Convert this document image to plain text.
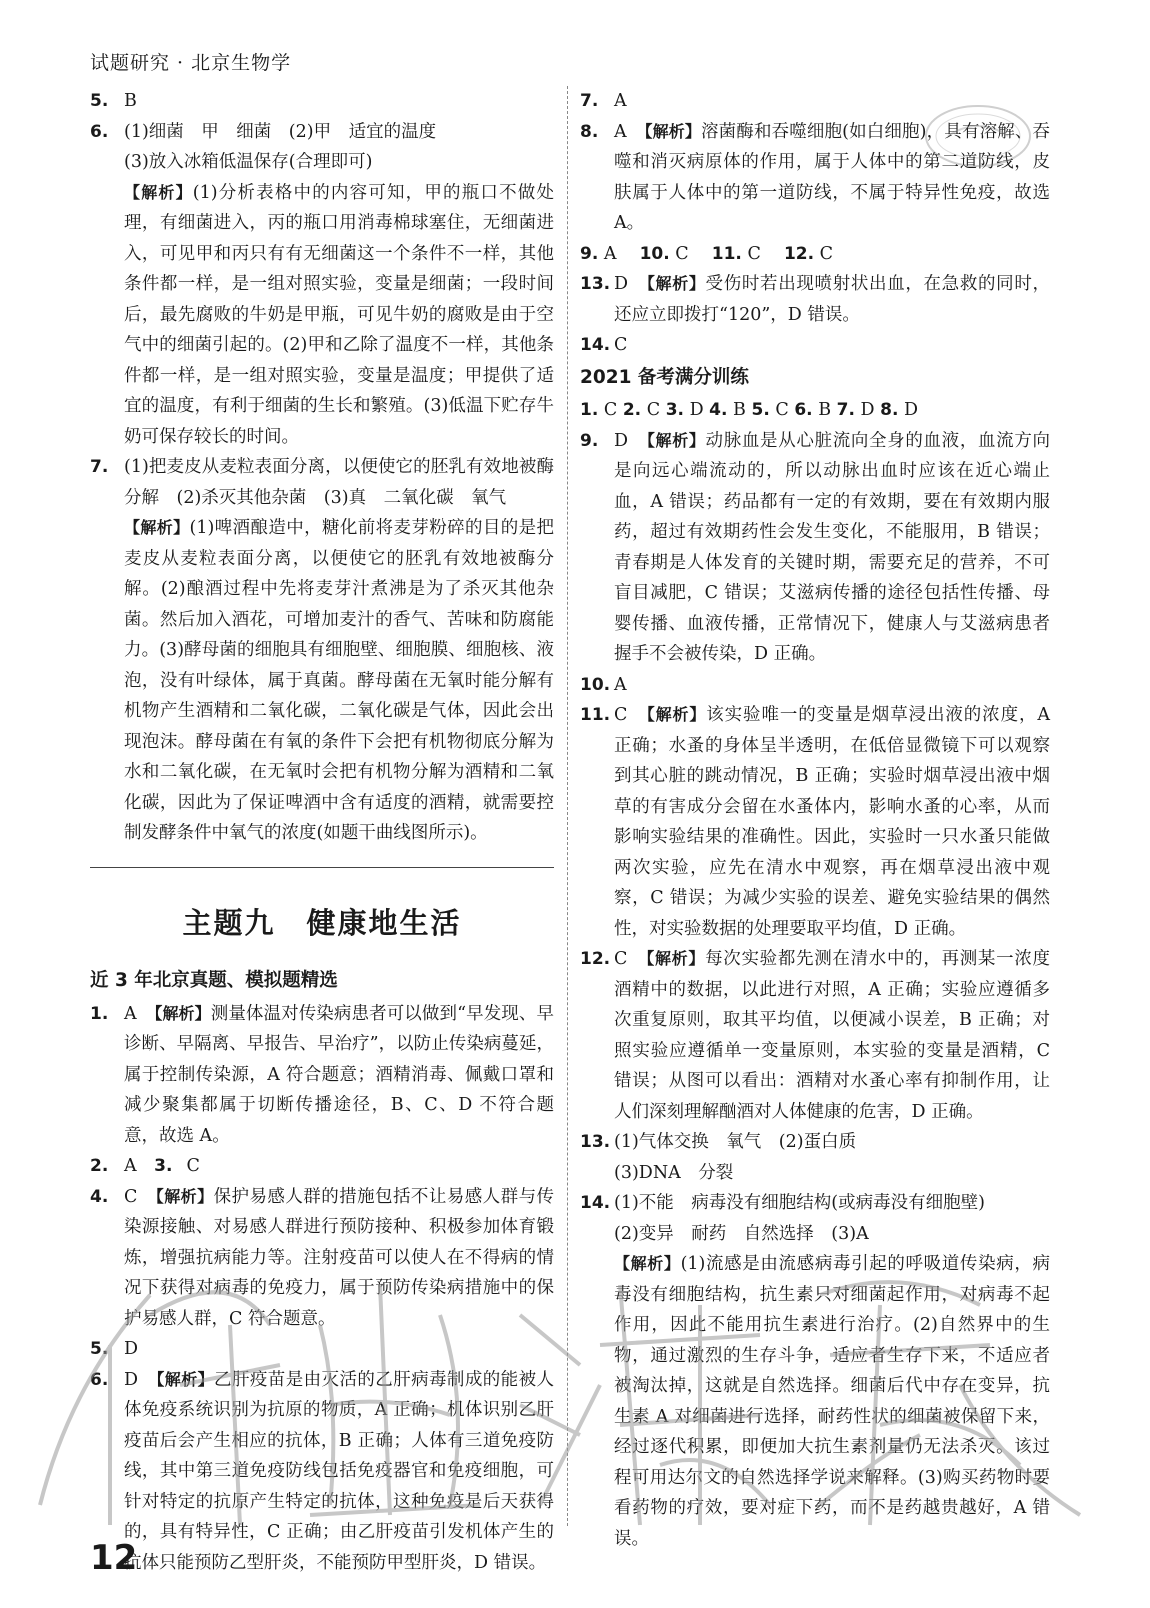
试题研究 · 北京生物学
5. B
6. (1)细菌　甲　细菌　(2)甲　适宜的温度
(3)放入冰箱低温保存(合理即可)
【解析】(1)分析表格中的内容可知，甲的瓶口不做处理，有细菌进入，丙的瓶口用消毒棉球塞住，无细菌进入，可见甲和丙只有有无细菌这一个条件不一样，其他条件都一样，是一组对照实验，变量是细菌；一段时间后，最先腐败的牛奶是甲瓶，可见牛奶的腐败是由于空气中的细菌引起的。(2)甲和乙除了温度不一样，其他条件都一样，是一组对照实验，变量是温度；甲提供了适宜的温度，有利于细菌的生长和繁殖。(3)低温下贮存牛奶可保存较长的时间。
7. (1)把麦皮从麦粒表面分离，以便使它的胚乳有效地被酶分解　(2)杀灭其他杂菌　(3)真　二氧化碳　氧气
【解析】(1)啤酒酿造中，糖化前将麦芽粉碎的目的是把麦皮从麦粒表面分离，以便使它的胚乳有效地被酶分解。(2)酿酒过程中先将麦芽汁煮沸是为了杀灭其他杂菌。然后加入酒花，可增加麦汁的香气、苦味和防腐能力。(3)酵母菌的细胞具有细胞壁、细胞膜、细胞核、液泡，没有叶绿体，属于真菌。酵母菌在无氧时能分解有机物产生酒精和二氧化碳，二氧化碳是气体，因此会出现泡沫。酵母菌在有氧的条件下会把有机物彻底分解为水和二氧化碳，在无氧时会把有机物分解为酒精和二氧化碳，因此为了保证啤酒中含有适度的酒精，就需要控制发酵条件中氧气的浓度(如题干曲线图所示)。
主题九　健康地生活
近 3 年北京真题、模拟题精选
1. A　 【解析】测量体温对传染病患者可以做到“早发现、早诊断、早隔离、早报告、早治疗”，以防止传染病蔓延，属于控制传染源，A 符合题意；酒精消毒、佩戴口罩和减少聚集都属于切断传播途径，B、C、D 不符合题意，故选 A。
2. A　 3. C
4. C　 【解析】保护易感人群的措施包括不让易感人群与传染源接触、对易感人群进行预防接种、积极参加体育锻炼，增强抗病能力等。注射疫苗可以使人在不得病的情况下获得对病毒的免疫力，属于预防传染病措施中的保护易感人群，C 符合题意。
5. D
6. D　 【解析】乙肝疫苗是由灭活的乙肝病毒制成的能被人体免疫系统识别为抗原的物质，A 正确；机体识别乙肝疫苗后会产生相应的抗体，B 正确；人体有三道免疫防线，其中第三道免疫防线包括免疫器官和免疫细胞，可针对特定的抗原产生特定的抗体，这种免疫是后天获得的，具有特异性，C 正确；由乙肝疫苗引发机体产生的抗体只能预防乙型肝炎，不能预防甲型肝炎，D 错误。
7. A
8. A　 【解析】溶菌酶和吞噬细胞(如白细胞)，具有溶解、吞噬和消灭病原体的作用，属于人体中的第二道防线，皮肤属于人体中的第一道防线，不属于特异性免疫，故选 A。
9. A　 10. C　 11. C　 12. C
13. D　 【解析】受伤时若出现喷射状出血，在急救的同时，还应立即拨打“120”，D 错误。
14. C
2021 备考满分训练
1. C 2. C 3. D 4. B 5. C 6. B 7. D 8. D
9. D　 【解析】动脉血是从心脏流向全身的血液，血流方向是向远心端流动的，所以动脉出血时应该在近心端止血，A 错误；药品都有一定的有效期，要在有效期内服药，超过有效期药性会发生变化，不能服用，B 错误；青春期是人体发育的关键时期，需要充足的营养，不可盲目减肥，C 错误；艾滋病传播的途径包括性传播、母婴传播、血液传播，正常情况下，健康人与艾滋病患者握手不会被传染，D 正确。
10. A
11. C　 【解析】该实验唯一的变量是烟草浸出液的浓度，A 正确；水蚤的身体呈半透明，在低倍显微镜下可以观察到其心脏的跳动情况，B 正确；实验时烟草浸出液中烟草的有害成分会留在水蚤体内，影响水蚤的心率，从而影响实验结果的准确性。因此，实验时一只水蚤只能做两次实验，应先在清水中观察，再在烟草浸出液中观察，C 错误；为减少实验的误差、避免实验结果的偶然性，对实验数据的处理要取平均值，D 正确。
12. C　 【解析】每次实验都先测在清水中的，再测某一浓度酒精中的数据，以此进行对照，A 正确；实验应遵循多次重复原则，取其平均值，以便减小误差，B 正确；对照实验应遵循单一变量原则，本实验的变量是酒精，C 错误；从图可以看出：酒精对水蚤心率有抑制作用，让人们深刻理解酗酒对人体健康的危害，D 正确。
13. (1)气体交换　氧气　(2)蛋白质
(3)DNA　分裂
14. (1)不能　病毒没有细胞结构(或病毒没有细胞壁)
(2)变异　耐药　自然选择　(3)A
【解析】(1)流感是由流感病毒引起的呼吸道传染病，病毒没有细胞结构，抗生素只对细菌起作用，对病毒不起作用，因此不能用抗生素进行治疗。(2)自然界中的生物，通过激烈的生存斗争，适应者生存下来，不适应者被淘汰掉，这就是自然选择。细菌后代中存在变异，抗生素 A 对细菌进行选择，耐药性状的细菌被保留下来，经过逐代积累，即便加大抗生素剂量仍无法杀灭。该过程可用达尔文的自然选择学说来解释。(3)购买药物时要看药物的疗效，要对症下药，而不是药越贵越好，A 错误。
12
